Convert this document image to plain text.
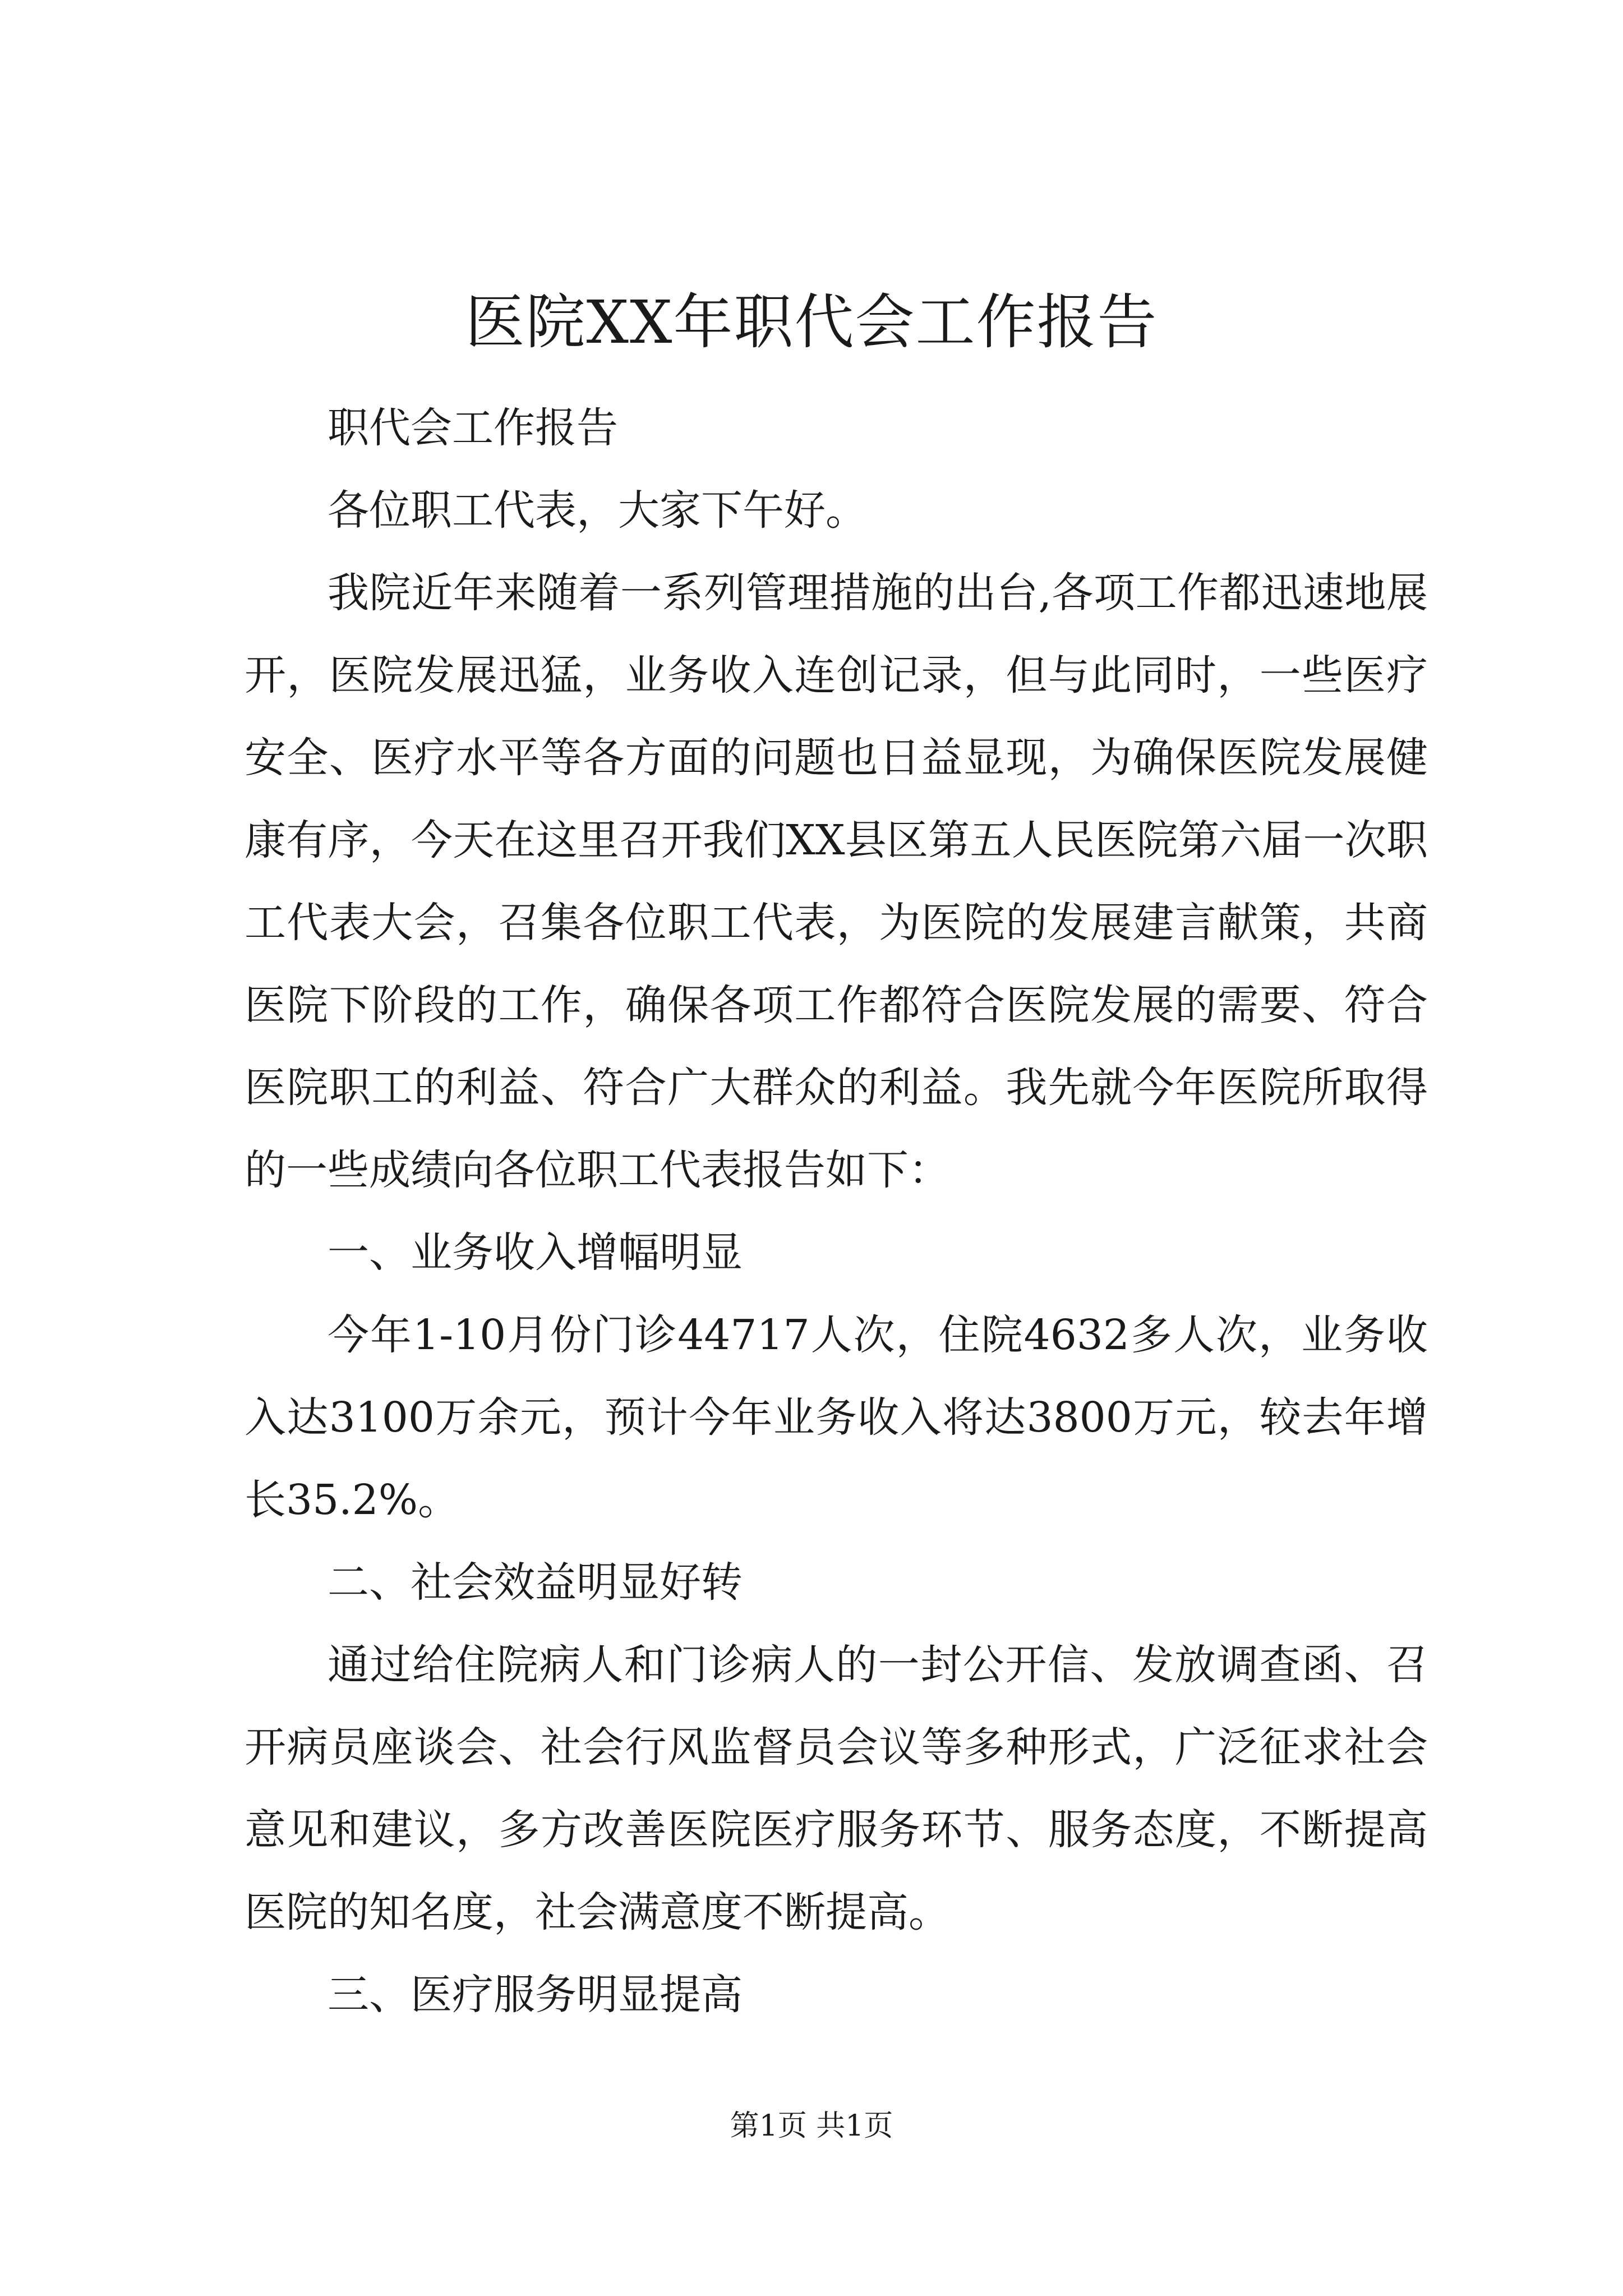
医院XX年职代会工作报告

职代会工作报告

各位职工代表，大家下午好。

我院近年来随着一系列管理措施的出台,各项工作都迅速地展开，医院发展迅猛，业务收入连创记录，但与此同时，一些医疗安全、医疗水平等各方面的问题也日益显现，为确保医院发展健康有序，今天在这里召开我们XX县区第五人民医院第六届一次职工代表大会，召集各位职工代表，为医院的发展建言献策，共商医院下阶段的工作，确保各项工作都符合医院发展的需要、符合医院职工的利益、符合广大群众的利益。我先就今年医院所取得的一些成绩向各位职工代表报告如下：

一、业务收入增幅明显

今年1-10月份门诊44717人次，住院4632多人次，业务收入达3100万余元，预计今年业务收入将达3800万元，较去年增长35.2%。

二、社会效益明显好转

通过给住院病人和门诊病人的一封公开信、发放调查函、召开病员座谈会、社会行风监督员会议等多种形式，广泛征求社会意见和建议，多方改善医院医疗服务环节、服务态度，不断提高医院的知名度，社会满意度不断提高。

三、医疗服务明显提高

第1页 共1页
